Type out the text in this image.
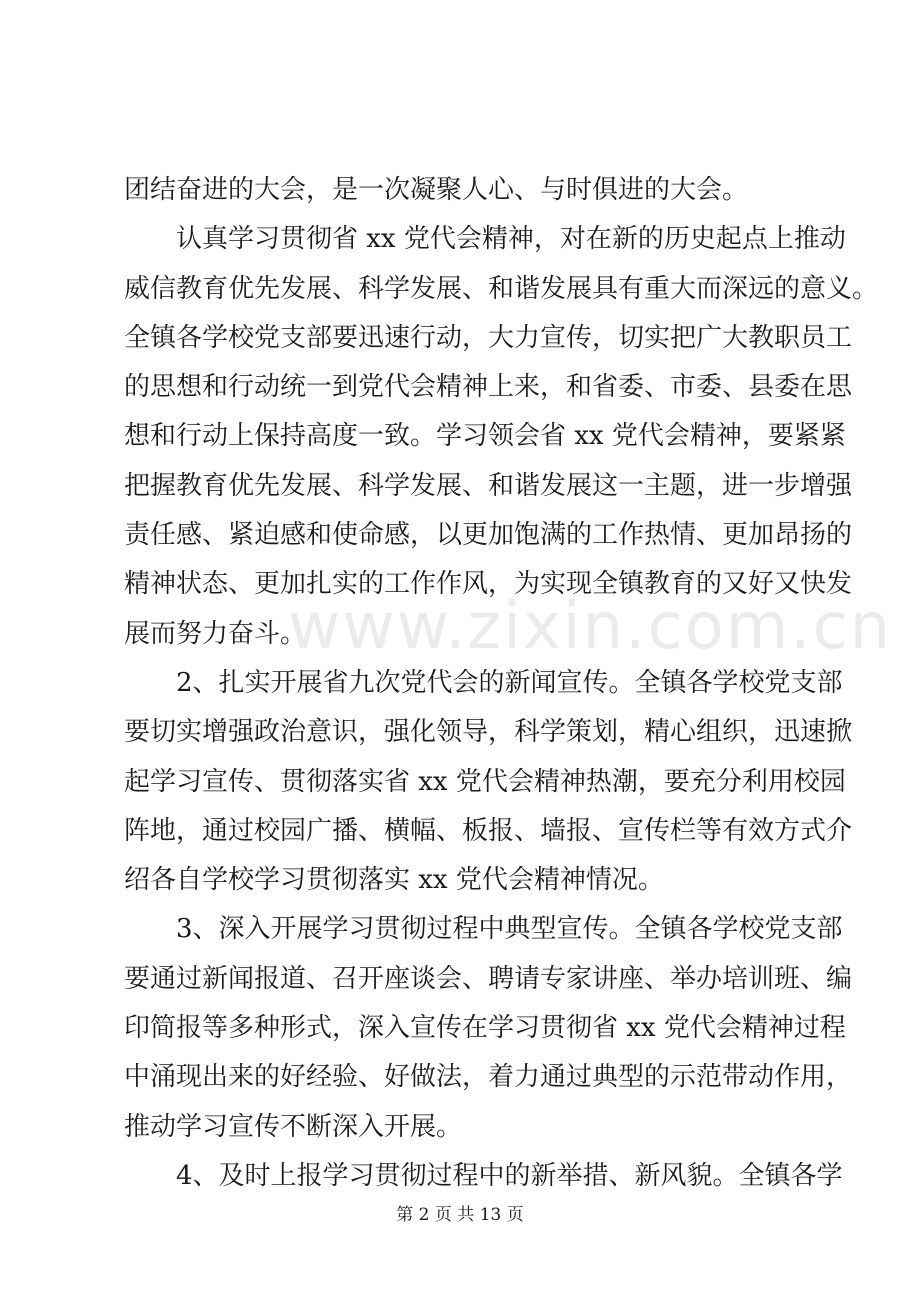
团结奋进的大会，是一次凝聚人心、与时俱进的大会。
认真学习贯彻省 xx 党代会精神，对在新的历史起点上推动
威信教育优先发展、科学发展、和谐发展具有重大而深远的意义。
全镇各学校党支部要迅速行动，大力宣传，切实把广大教职员工
的思想和行动统一到党代会精神上来，和省委、市委、县委在思
想和行动上保持高度一致。学习领会省 xx 党代会精神，要紧紧
把握教育优先发展、科学发展、和谐发展这一主题，进一步增强
责任感、紧迫感和使命感，以更加饱满的工作热情、更加昂扬的
精神状态、更加扎实的工作作风，为实现全镇教育的又好又快发
展而努力奋斗。
2、扎实开展省九次党代会的新闻宣传。全镇各学校党支部
要切实增强政治意识，强化领导，科学策划，精心组织，迅速掀
起学习宣传、贯彻落实省 xx 党代会精神热潮，要充分利用校园
阵地，通过校园广播、横幅、板报、墙报、宣传栏等有效方式介
绍各自学校学习贯彻落实 xx 党代会精神情况。
3、深入开展学习贯彻过程中典型宣传。全镇各学校党支部
要通过新闻报道、召开座谈会、聘请专家讲座、举办培训班、编
印简报等多种形式，深入宣传在学习贯彻省 xx 党代会精神过程
中涌现出来的好经验、好做法，着力通过典型的示范带动作用，
推动学习宣传不断深入开展。
4、及时上报学习贯彻过程中的新举措、新风貌。全镇各学
www.zixin.com.cn
第 2 页 共 13 页
